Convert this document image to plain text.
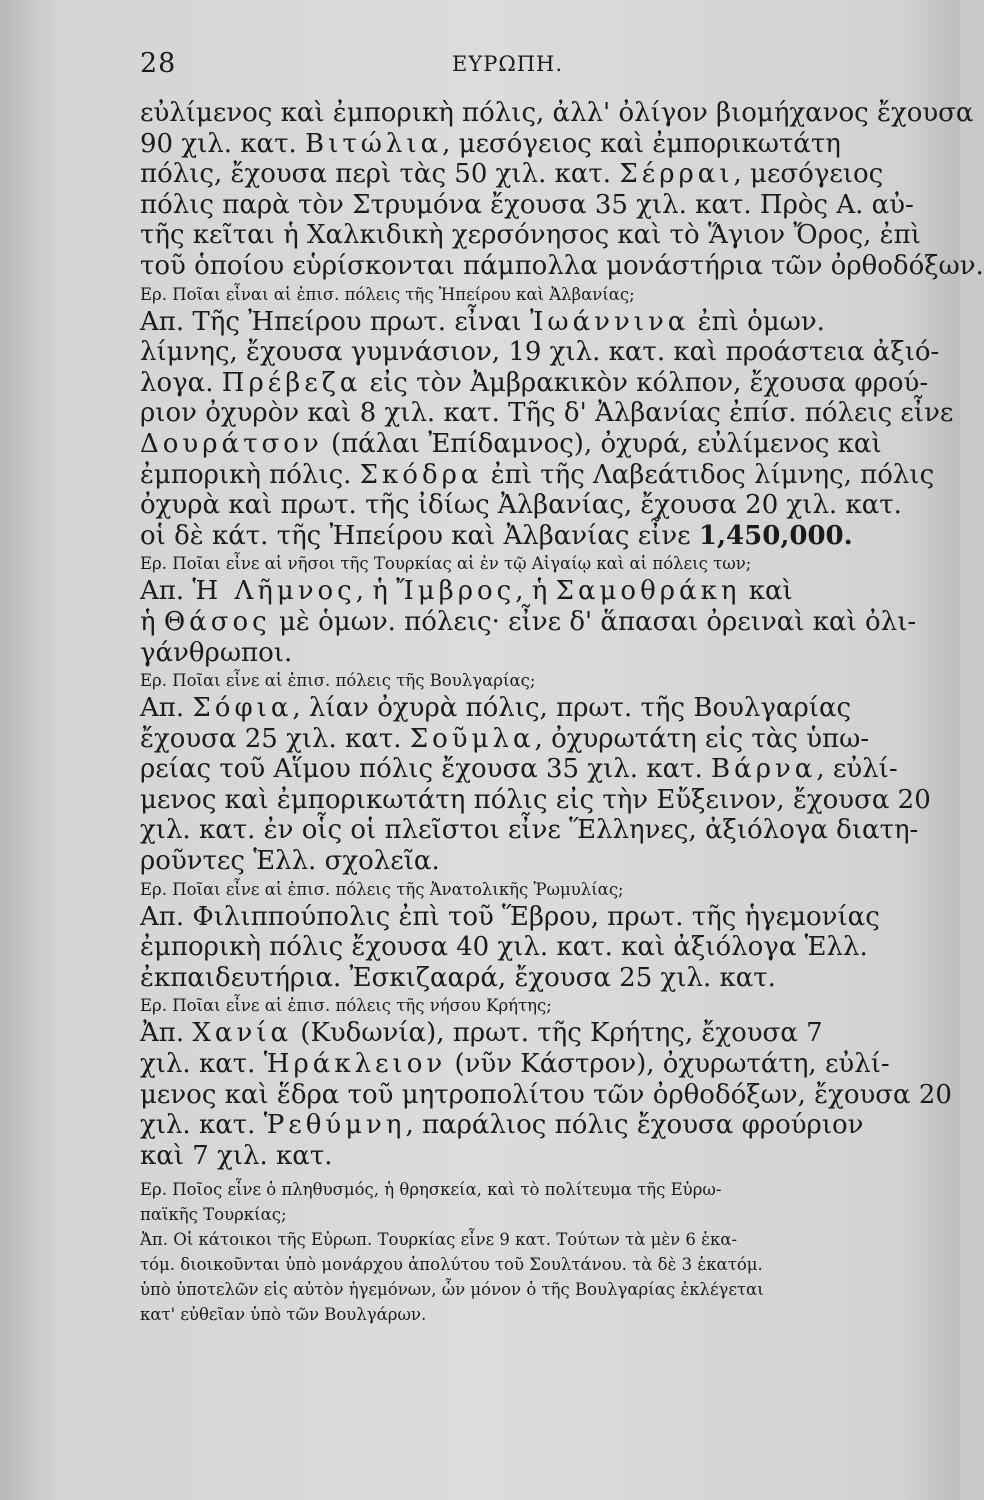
28	ΕΥΡΩΠΗ.
εὐλίμενος καὶ ἐμπορικὴ πόλις, ἀλλ' ὀλίγον βιομήχανος ἔχουσα
90 χιλ. κατ. Βιτώλια, μεσόγειος καὶ ἐμπορικωτάτη
πόλις, ἔχουσα περὶ τὰς 50 χιλ. κατ. Σέρραι, μεσόγειος
πόλις παρὰ τὸν Στρυμόνα ἔχουσα 35 χιλ. κατ. Πρὸς Α. αὐ-
τῆς κεῖται ἡ Χαλκιδικὴ χερσόνησος καὶ τὸ Ἅγιον Ὄρος, ἐπὶ
τοῦ ὁποίου εὑρίσκονται πάμπολλα μονάστήρια τῶν ὀρθοδόξων.
Ερ. Ποῖαι εἶναι αἱ ἐπισ. πόλεις τῆς Ἠπείρου καὶ Ἀλβανίας;
Απ. Τῆς Ἠπείρου πρωτ. εἶναι Ἰωάννινα ἐπὶ ὁμων.
λίμνης, ἔχουσα γυμνάσιον, 19 χιλ. κατ. καὶ προάστεια ἀξιό-
λογα. Πρέβεζα εἰς τὸν Ἀμβρακικὸν κόλπον, ἔχουσα φρού-
ριον ὀχυρὸν καὶ 8 χιλ. κατ. Τῆς δ' Ἀλβανίας ἐπίσ. πόλεις εἶνε
Δουράτσον (πάλαι Ἐπίδαμνος), ὀχυρά, εὐλίμενος καὶ
ἐμπορικὴ πόλις. Σκόδρα ἐπὶ τῆς Λαβεάτιδος λίμνης, πόλις
ὀχυρὰ καὶ πρωτ. τῆς ἰδίως Ἀλβανίας, ἔχουσα 20 χιλ. κατ.
οἱ δὲ κάτ. τῆς Ἠπείρου καὶ Ἀλβανίας εἶνε 1,450,000.
Ερ. Ποῖαι εἶνε αἱ νῆσοι τῆς Τουρκίας αἱ ἐν τῷ Αἰγαίῳ καὶ αἱ πόλεις των;
Απ. Ἡ Λῆμνος, ἡ Ἴμβρος, ἡ Σαμοθράκη καὶ
ἡ Θάσος μὲ ὁμων. πόλεις· εἶνε δ' ἅπασαι ὀρειναὶ καὶ ὀλι-
γάνθρωποι.
Ερ. Ποῖαι εἶνε αἱ ἐπισ. πόλεις τῆς Βουλγαρίας;
Απ. Σόφια, λίαν ὀχυρὰ πόλις, πρωτ. τῆς Βουλγαρίας
ἔχουσα 25 χιλ. κατ. Σοῦμλα, ὀχυρωτάτη εἰς τὰς ὑπω-
ρείας τοῦ Αἵμου πόλις ἔχουσα 35 χιλ. κατ. Βάρνα, εὐλί-
μενος καὶ ἐμπορικωτάτη πόλις εἰς τὴν Εὔξεινον, ἔχουσα 20
χιλ. κατ. ἐν οἷς οἱ πλεῖστοι εἶνε Ἕλληνες, ἀξιόλογα διατη-
ροῦντες Ἑλλ. σχολεῖα.
Ερ. Ποῖαι εἶνε αἱ ἐπισ. πόλεις τῆς Ἀνατολικῆς Ῥωμυλίας;
Απ. Φιλιππούπολις ἐπὶ τοῦ Ἕβρου, πρωτ. τῆς ἡγεμονίας
ἐμπορικὴ πόλις ἔχουσα 40 χιλ. κατ. καὶ ἀξιόλογα Ἑλλ.
ἐκπαιδευτήρια. Ἐσκιζααρά, ἔχουσα 25 χιλ. κατ.
Ερ. Ποῖαι εἶνε αἱ ἐπισ. πόλεις τῆς νήσου Κρήτης;
Ἀπ. Χανία (Κυδωνία), πρωτ. τῆς Κρήτης, ἔχουσα 7
χιλ. κατ. Ἡράκλειον (νῦν Κάστρον), ὀχυρωτάτη, εὐλί-
μενος καὶ ἕδρα τοῦ μητροπολίτου τῶν ὀρθοδόξων, ἔχουσα 20
χιλ. κατ. Ῥεθύμνη, παράλιος πόλις ἔχουσα φρούριον
καὶ 7 χιλ. κατ.
Ερ. Ποῖος εἶνε ὁ πληθυσμός, ἡ θρησκεία, καὶ τὸ πολίτευμα τῆς Εὐρω-
παϊκῆς Τουρκίας;
Ἀπ. Οἱ κάτοικοι τῆς Εὐρωπ. Τουρκίας εἶνε 9 κατ. Τούτων τὰ μὲν 6 ἑκα-
τόμ. διοικοῦνται ὑπὸ μονάρχου ἀπολύτου τοῦ Σουλτάνου. τὰ δὲ 3 ἑκατόμ.
ὑπὸ ὑποτελῶν εἰς αὐτὸν ἡγεμόνων, ὧν μόνον ὁ τῆς Βουλγαρίας ἐκλέγεται
κατ' εὐθεῖαν ὑπὸ τῶν Βουλγάρων.
